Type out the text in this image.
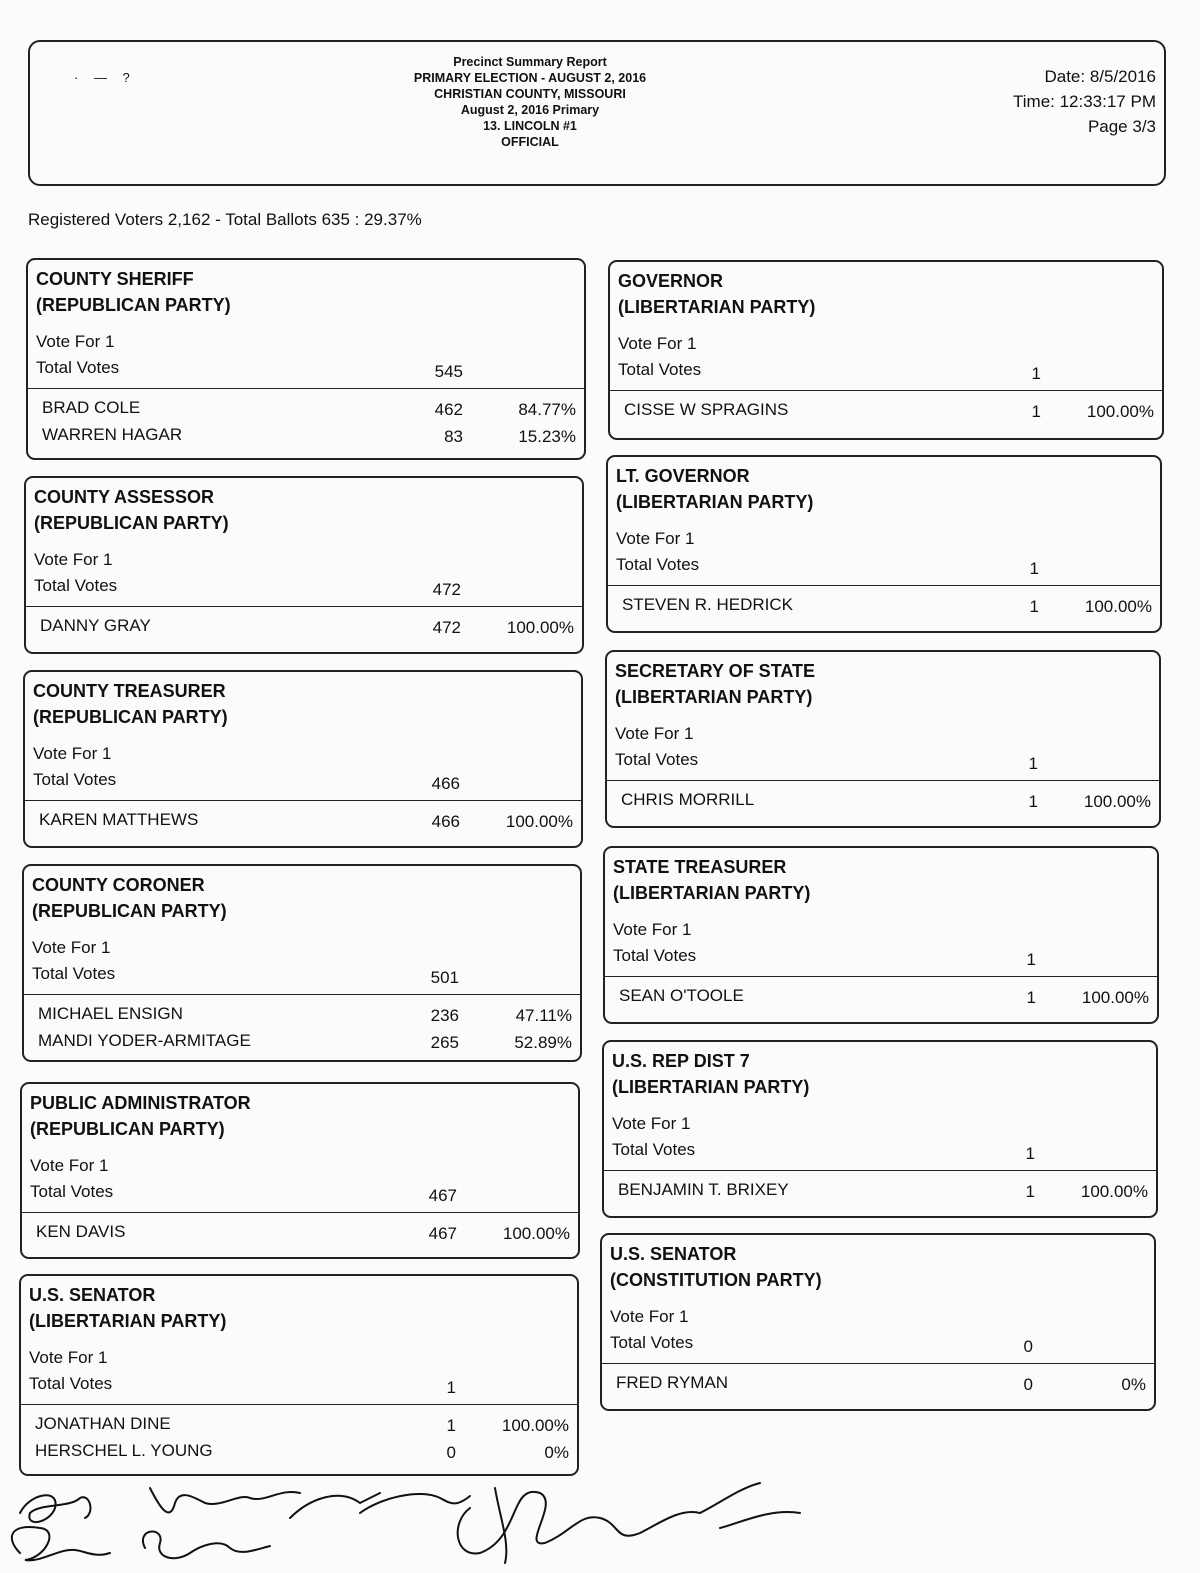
· — ?
Precinct Summary Report
PRIMARY ELECTION - AUGUST 2, 2016
CHRISTIAN COUNTY, MISSOURI
August 2, 2016 Primary
13. LINCOLN #1
OFFICIAL
Date: 8/5/2016
Time: 12:33:17 PM
Page 3/3
Registered Voters 2,162 - Total Ballots 635 : 29.37%
COUNTY SHERIFF
(REPUBLICAN PARTY)
Vote For 1
Total Votes	545
BRAD COLE	462	84.77%
WARREN HAGAR	83	15.23%
COUNTY ASSESSOR
(REPUBLICAN PARTY)
Vote For 1
Total Votes	472
DANNY GRAY	472	100.00%
COUNTY TREASURER
(REPUBLICAN PARTY)
Vote For 1
Total Votes	466
KAREN MATTHEWS	466	100.00%
COUNTY CORONER
(REPUBLICAN PARTY)
Vote For 1
Total Votes	501
MICHAEL ENSIGN	236	47.11%
MANDI YODER-ARMITAGE	265	52.89%
PUBLIC ADMINISTRATOR
(REPUBLICAN PARTY)
Vote For 1
Total Votes	467
KEN DAVIS	467	100.00%
U.S. SENATOR
(LIBERTARIAN PARTY)
Vote For 1
Total Votes	1
JONATHAN DINE	1	100.00%
HERSCHEL L. YOUNG	0	0%
GOVERNOR
(LIBERTARIAN PARTY)
Vote For 1
Total Votes	1
CISSE W SPRAGINS	1	100.00%
LT. GOVERNOR
(LIBERTARIAN PARTY)
Vote For 1
Total Votes	1
STEVEN R. HEDRICK	1	100.00%
SECRETARY OF STATE
(LIBERTARIAN PARTY)
Vote For 1
Total Votes	1
CHRIS MORRILL	1	100.00%
STATE TREASURER
(LIBERTARIAN PARTY)
Vote For 1
Total Votes	1
SEAN O'TOOLE	1	100.00%
U.S. REP DIST 7
(LIBERTARIAN PARTY)
Vote For 1
Total Votes	1
BENJAMIN T. BRIXEY	1	100.00%
U.S. SENATOR
(CONSTITUTION PARTY)
Vote For 1
Total Votes	0
FRED RYMAN	0	0%
